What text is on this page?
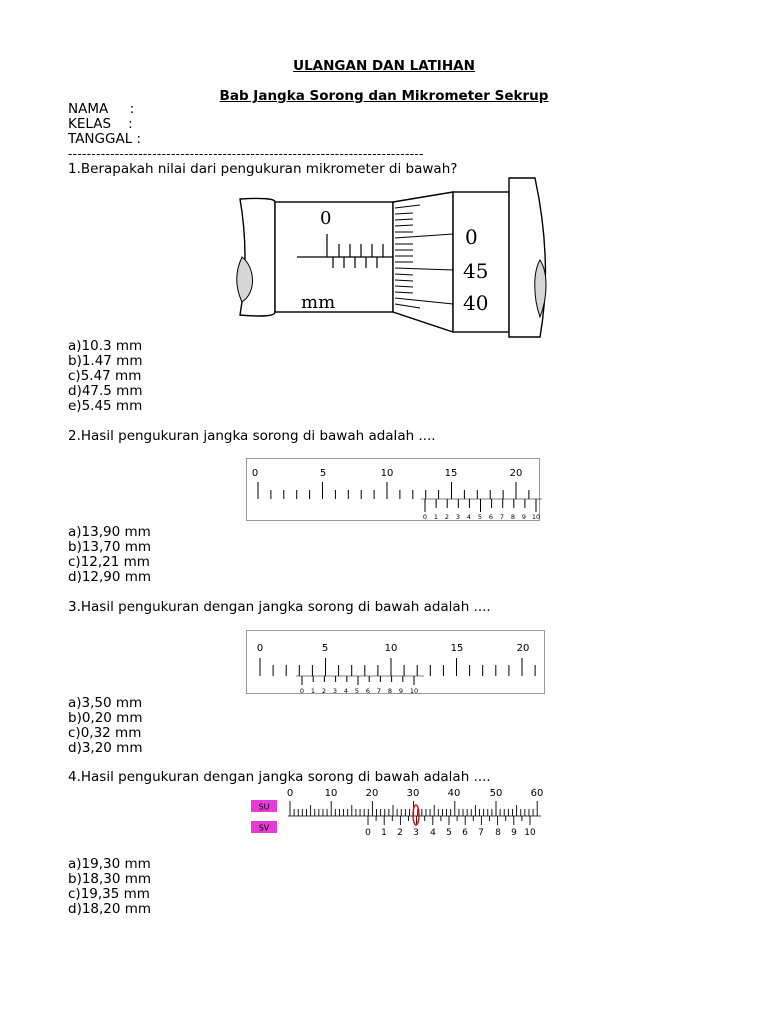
ULANGAN DAN LATIHAN
Bab Jangka Sorong dan Mikrometer Sekrup
NAMA     :
KELAS    :
TANGGAL :
----------------------------------------------------------------------------
1.Berapakah nilai dari pengukuran mikrometer di bawah?
0
mm
0
45
40
a)10.3 mm
b)1.47 mm
c)5.47 mm
d)47.5 mm
e)5.45 mm
2.Hasil pengukuran jangka sorong di bawah adalah ....
0	5	10	15	20
0 1 2 3 4 5 6 7 8 9 10
a)13,90 mm
b)13,70 mm
c)12,21 mm
d)12,90 mm
3.Hasil pengukuran dengan jangka sorong di bawah adalah ....
0	5	10	15	20
0 1 2 3 4 5 6 7 8 9 10
a)3,50 mm
b)0,20 mm
c)0,32 mm
d)3,20 mm
4.Hasil pengukuran dengan jangka sorong di bawah adalah ....
SU
SV
0	10	20	30	40	50	60
0 1 2 3 4 5 6 7 8 9 10
a)19,30 mm
b)18,30 mm
c)19,35 mm
d)18,20 mm
